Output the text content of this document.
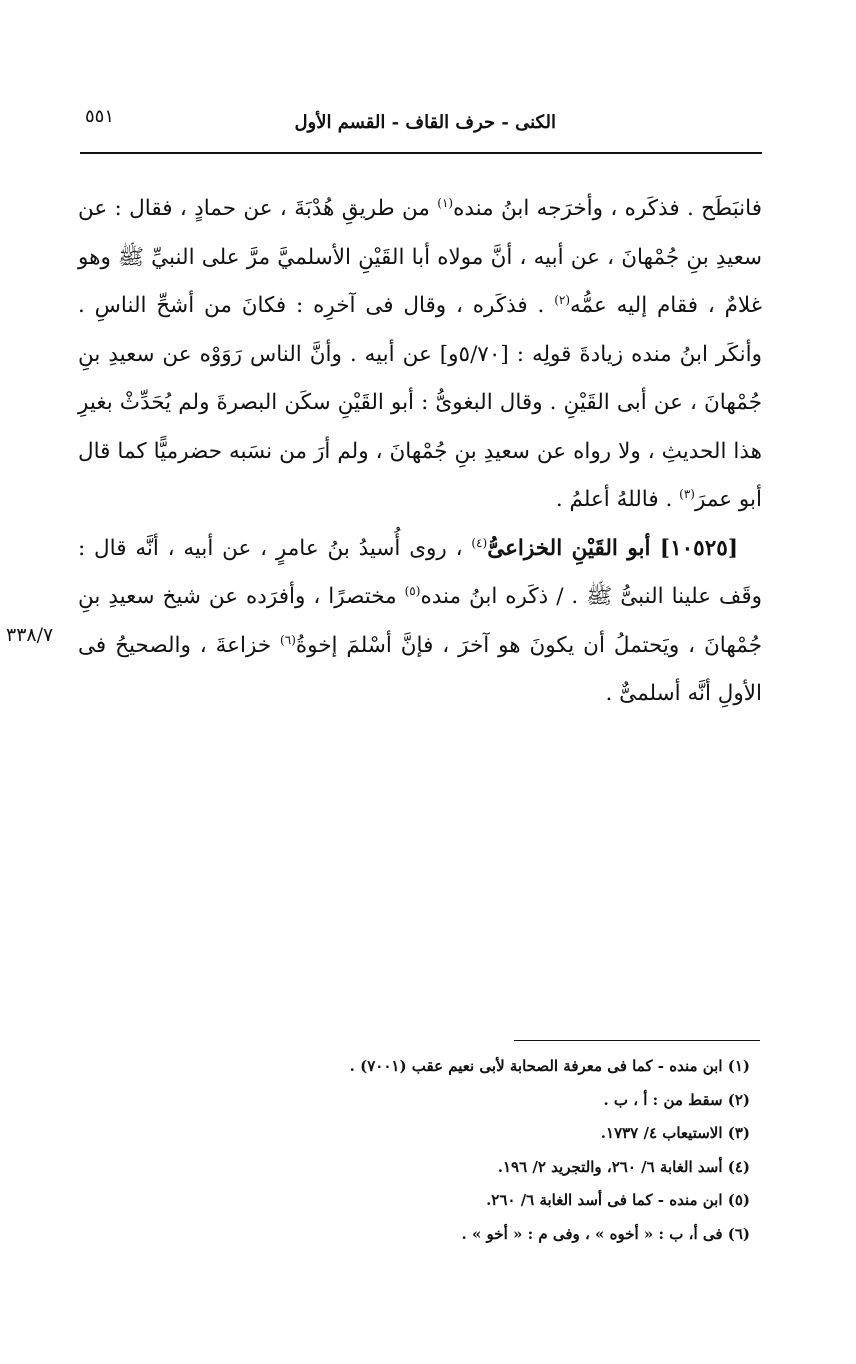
الكنى - حرف القاف - القسم الأول
٥٥١

فانبَطَح . فذكَره ، وأخرَجه ابنُ منده$^{(١)}$ من طريقِ هُدْبَةَ ، عن حمادٍ ، فقال : عن سعيدِ بنِ جُمْهانَ ، عن أبيه ، أنَّ مولاه أبا القَيْنِ الأسلميَّ مرَّ على النبيِّ ﷺ وهو غلامٌ ، فقام إليه عمُّه$^{(٢)}$ . فذكَره ، وقال فى آخرِه : فكانَ من أشحِّ الناسِ . وأنكَر ابنُ منده زيادةَ قولِه : [٥/٧٠و] عن أبيه . وأنَّ الناس رَوَوْه عن سعيدِ بنِ جُمْهانَ ، عن أبى القَيْنِ . وقال البغوىُّ : أبو القَيْنِ سكَن البصرةَ ولم يُحَدِّثْ بغيرِ هذا الحديثِ ، ولا رواه عن سعيدِ بنِ جُمْهانَ ، ولم أرَ من نسَبه حضرميًّا كما قال أبو عمرَ$^{(٣)}$ . فاللهُ أعلمُ .

[١٠٥٢٥] أبو القَيْنِ الخزاعىُّ$^{(٤)}$ ، روى أُسيدُ بنُ عامرٍ ، عن أبيه ، أنَّه قال : وقَف علينا النبىُّ ﷺ . / ذكَره ابنُ منده$^{(٥)}$ مختصرًا ، وأفرَده عن شيخ سعيدِ بنِ جُمْهانَ ، ويَحتملُ أن يكونَ هو آخرَ ، فإنَّ أسْلمَ إخوةُ$^{(٦)}$ خزاعةَ ، والصحيحُ فى الأولِ أنَّه أسلمىٌّ .

٣٣٨/٧
(١) ابن منده - كما فى معرفة الصحابة لأبى نعيم عقب (٧٠٠١) .
(٢) سقط من : أ ، ب .
(٣) الاستيعاب ٤/ ١٧٣٧.
(٤) أسد الغابة ٦/ ٢٦٠، والتجريد ٢/ ١٩٦.
(٥) ابن منده - كما فى أسد الغابة ٦/ ٢٦٠.
(٦) فى أ، ب : « أخوه » ، وفى م : « أخو » .
